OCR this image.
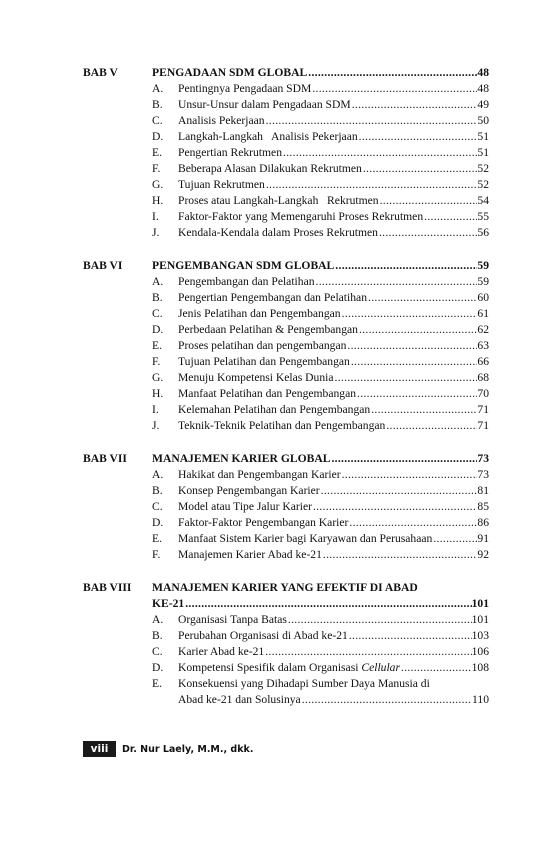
BAB V	PENGADAAN SDM GLOBAL .....	48
A.	Pentingnya Pengadaan SDM .....	48
B.	Unsur-Unsur dalam Pengadaan SDM .....	49
C.	Analisis Pekerjaan .....	50
D.	Langkah-Langkah   Analisis Pekerjaan .....	51
E.	Pengertian Rekrutmen .....	51
F.	Beberapa Alasan Dilakukan Rekrutmen .....	52
G.	Tujuan Rekrutmen .....	52
H.	Proses atau Langkah-Langkah   Rekrutmen .....	54
I.	Faktor-Faktor yang Memengaruhi Proses Rekrutmen .....	55
J.	Kendala-Kendala dalam Proses Rekrutmen .....	56
BAB VI	PENGEMBANGAN SDM GLOBAL .....	59
A.	Pengembangan dan Pelatihan .....	59
B.	Pengertian Pengembangan dan Pelatihan .....	60
C.	Jenis Pelatihan dan Pengembangan .....	61
D.	Perbedaan Pelatihan & Pengembangan .....	62
E.	Proses pelatihan dan pengembangan .....	63
F.	Tujuan Pelatihan dan Pengembangan .....	66
G.	Menuju Kompetensi Kelas Dunia .....	68
H.	Manfaat Pelatihan dan Pengembangan .....	70
I.	Kelemahan Pelatihan dan Pengembangan .....	71
J.	Teknik-Teknik Pelatihan dan Pengembangan .....	71
BAB VII MANAJEMEN KARIER GLOBAL .....	73
A.	Hakikat dan Pengembangan Karier .....	73
B.	Konsep Pengembangan Karier .....	81
C.	Model atau Tipe Jalur Karier .....	85
D.	Faktor-Faktor Pengembangan Karier .....	86
E.	Manfaat Sistem Karier bagi Karyawan dan Perusahaan .....	91
F.	Manajemen Karier Abad ke-21 .....	92
BAB VIII MANAJEMEN KARIER YANG EFEKTIF DI ABAD
KE-21 .....	101
A.	Organisasi Tanpa Batas .....	101
B.	Perubahan Organisasi di Abad ke-21 .....	103
C.	Karier Abad ke-21 .....	106
D.	Kompetensi Spesifik dalam Organisasi Cellular .....	108
E.	Konsekuensi yang Dihadapi Sumber Daya Manusia di
Abad ke-21 dan Solusinya .....	110
viii	Dr. Nur Laely, M.M., dkk.
